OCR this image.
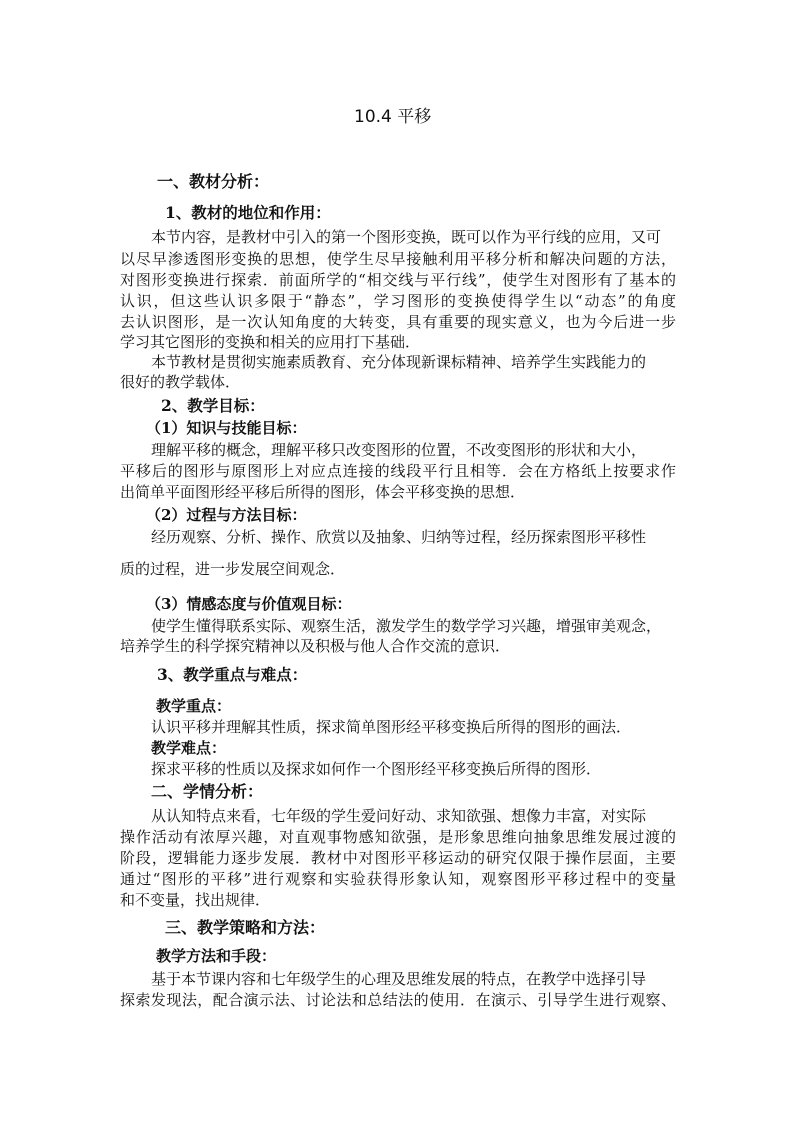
10.4 平移
一、教材分析：
1、教材的地位和作用：
本节内容，是教材中引入的第一个图形变换，既可以作为平行线的应用，又可
以尽早渗透图形变换的思想，使学生尽早接触利用平移分析和解决问题的方法，
对图形变换进行探索．前面所学的“相交线与平行线”，使学生对图形有了基本的
认识，但这些认识多限于“静态”，学习图形的变换使得学生以“动态”的角度
去认识图形，是一次认知角度的大转变，具有重要的现实意义，也为今后进一步
学习其它图形的变换和相关的应用打下基础．
本节教材是贯彻实施素质教育、充分体现新课标精神、培养学生实践能力的
很好的教学载体．
2、教学目标：
（1）知识与技能目标：
理解平移的概念，理解平移只改变图形的位置，不改变图形的形状和大小，
平移后的图形与原图形上对应点连接的线段平行且相等．会在方格纸上按要求作
出简单平面图形经平移后所得的图形，体会平移变换的思想．
（2）过程与方法目标：
经历观察、分析、操作、欣赏以及抽象、归纳等过程，经历探索图形平移性
质的过程，进一步发展空间观念．
（3）情感态度与价值观目标：
使学生懂得联系实际、观察生活，激发学生的数学学习兴趣，增强审美观念，
培养学生的科学探究精神以及积极与他人合作交流的意识．
3、教学重点与难点：
教学重点：
认识平移并理解其性质，探求简单图形经平移变换后所得的图形的画法．
教学难点：
探求平移的性质以及探求如何作一个图形经平移变换后所得的图形．
二、学情分析：
从认知特点来看，七年级的学生爱问好动、求知欲强、想像力丰富，对实际
操作活动有浓厚兴趣，对直观事物感知欲强，是形象思维向抽象思维发展过渡的
阶段，逻辑能力逐步发展．教材中对图形平移运动的研究仅限于操作层面，主要
通过“图形的平移”进行观察和实验获得形象认知，观察图形平移过程中的变量
和不变量，找出规律．
三、教学策略和方法：
教学方法和手段：
基于本节课内容和七年级学生的心理及思维发展的特点，在教学中选择引导
探索发现法，配合演示法、讨论法和总结法的使用．在演示、引导学生进行观察、
